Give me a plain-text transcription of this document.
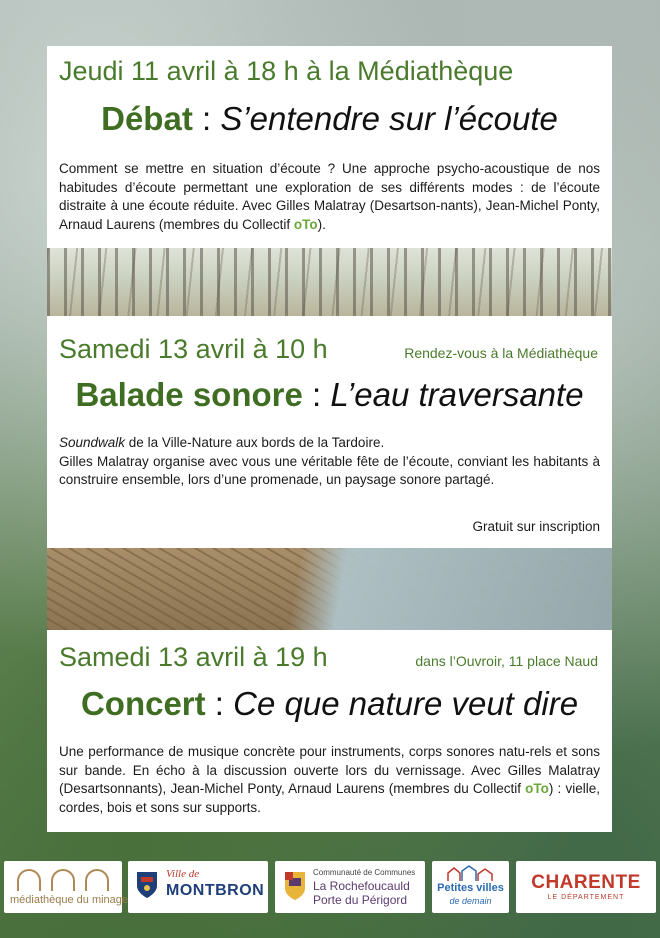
Jeudi 11 avril à 18 h à la Médiathèque
Débat : S’entendre sur l’écoute
Comment se mettre en situation d’écoute ? Une approche psycho-acoustique de nos habitudes d’écoute permettant une exploration de ses différents modes : de l’écoute distraite à une écoute réduite. Avec Gilles Malatray (Desartson-nants), Jean-Michel Ponty, Arnaud Laurens (membres du Collectif oTo).
Samedi 13 avril à 10 h	Rendez-vous à la Médiathèque
Balade sonore : L’eau traversante
Soundwalk de la Ville-Nature aux bords de la Tardoire.
Gilles Malatray organise avec vous une véritable fête de l’écoute, conviant les habitants à construire ensemble, lors d’une promenade, un paysage sonore partagé.
Gratuit sur inscription
Samedi 13 avril à 19 h	dans l’Ouvroir, 11 place Naud
Concert : Ce que nature veut dire
Une performance de musique concrète pour instruments, corps sonores natu-rels et sons sur bande. En écho à la discussion ouverte lors du vernissage. Avec Gilles Malatray (Desartsonnants), Jean-Michel Ponty, Arnaud Laurens (membres du Collectif oTo) : vielle, cordes, bois et sons sur supports.
médiathèque du minage
Ville de
MONTBRON
Communauté de Communes
La Rochefoucauld
Porte du Périgord
Petites villes
de demain
CHARENTE
LE DÉPARTEMENT
